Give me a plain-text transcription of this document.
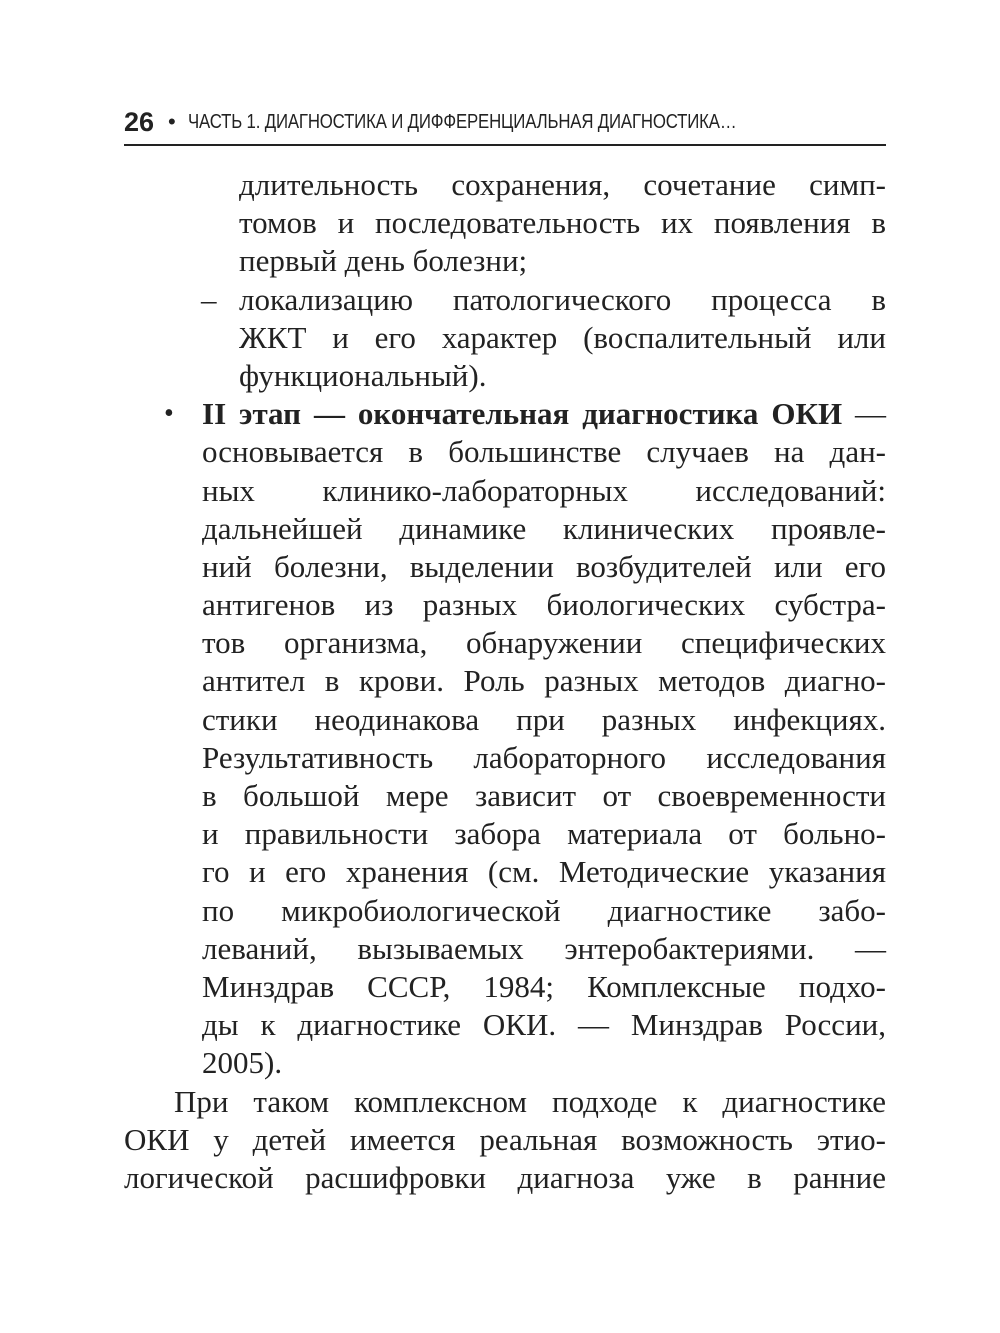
26 • ЧАСТЬ 1. ДИАГНОСТИКА И ДИФФЕРЕНЦИАЛЬНАЯ ДИАГНОСТИКА…
длительность сохранения, сочетание симп-
томов и последовательность их появления в
первый день болезни;
– локализацию патологического процесса в
ЖКТ и его характер (воспалительный или
функциональный).
• II этап — окончательная диагностика ОКИ —
основывается в большинстве случаев на дан-
ных клинико-лабораторных исследований:
дальнейшей динамике клинических проявле-
ний болезни, выделении возбудителей или его
антигенов из разных биологических субстра-
тов организма, обнаружении специфических
антител в крови. Роль разных методов диагно-
стики неодинакова при разных инфекциях.
Результативность лабораторного исследования
в большой мере зависит от своевременности
и правильности забора материала от больно-
го и его хранения (см. Методические указания
по микробиологической диагностике забо-
леваний, вызываемых энтеробактериями. —
Минздрав СССР, 1984; Комплексные подхо-
ды к диагностике ОКИ. — Минздрав России,
2005).
При таком комплексном подходе к диагностике
ОКИ у детей имеется реальная возможность этио-
логической расшифровки диагноза уже в ранние
